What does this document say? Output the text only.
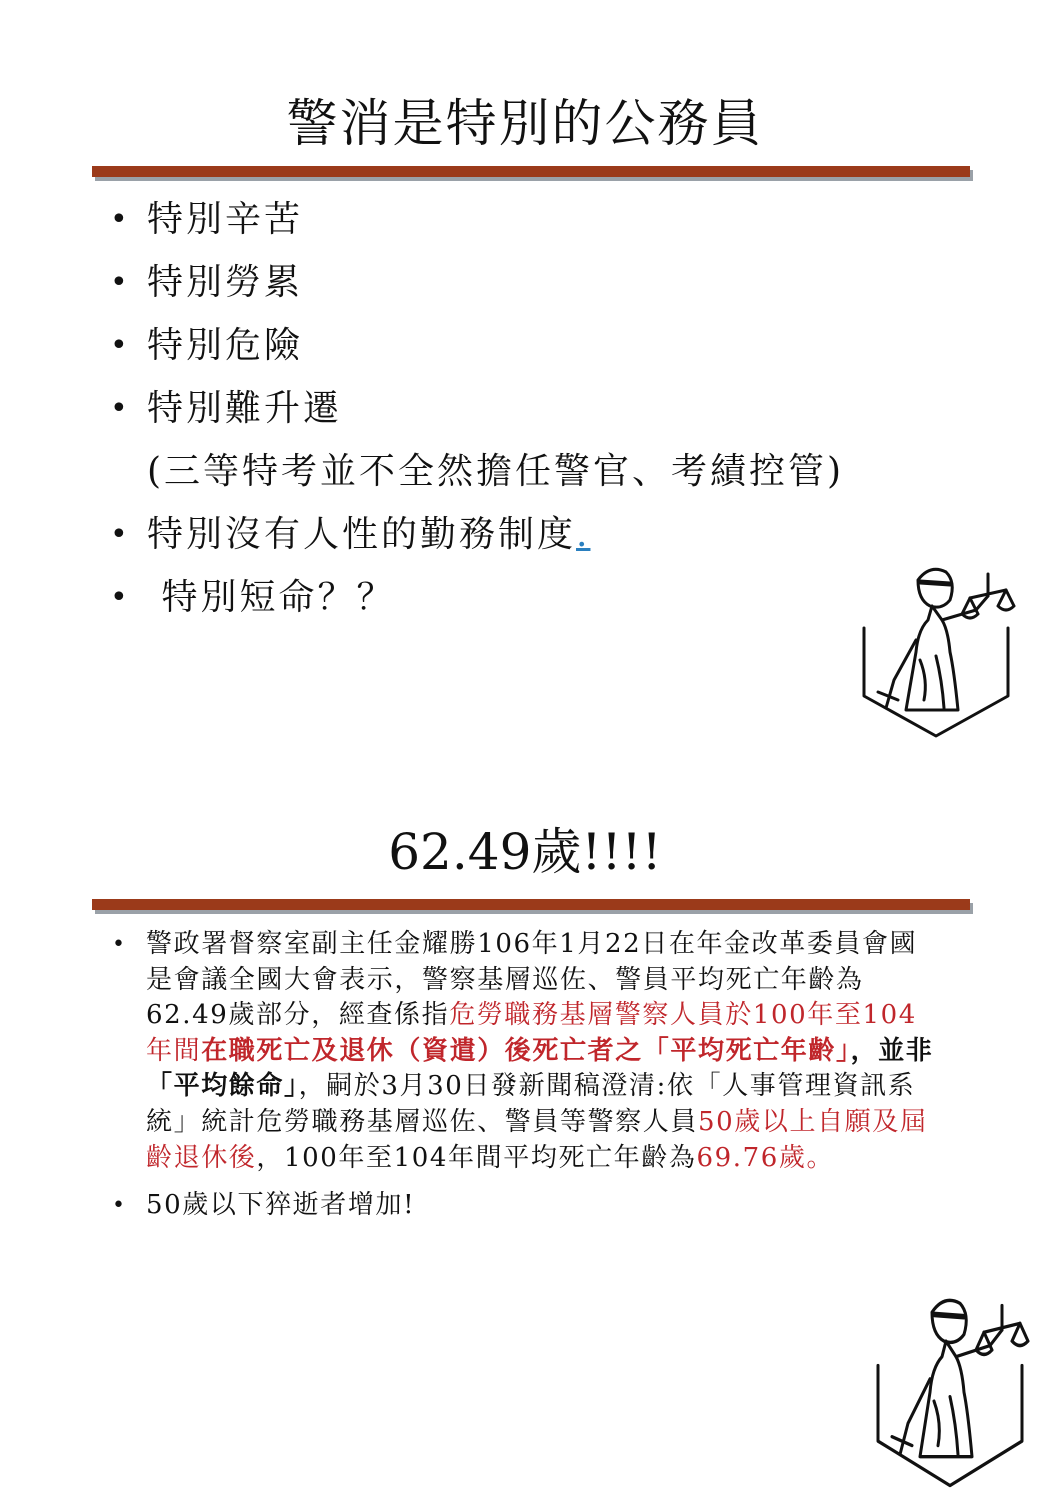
警消是特別的公務員
• 特別辛苦
• 特別勞累
• 特別危險
• 特別難升遷
(三等特考並不全然擔任警官、考績控管)
• 特別沒有人性的勤務制度.
• 特別短命？？
62.49歲!!!!
• 警政署督察室副主任金耀勝106年1月22日在年金改革委員會國是會議全國大會表示，警察基層巡佐、警員平均死亡年齡為62.49歲部分，經查係指危勞職務基層警察人員於100年至104年間在職死亡及退休（資遣）後死亡者之「平均死亡年齡」，並非「平均餘命」，嗣於3月30日發新聞稿澄清:依「人事管理資訊系統」統計危勞職務基層巡佐、警員等警察人員50歲以上自願及屆齡退休後，100年至104年間平均死亡年齡為69.76歲。
• 50歲以下猝逝者增加!
